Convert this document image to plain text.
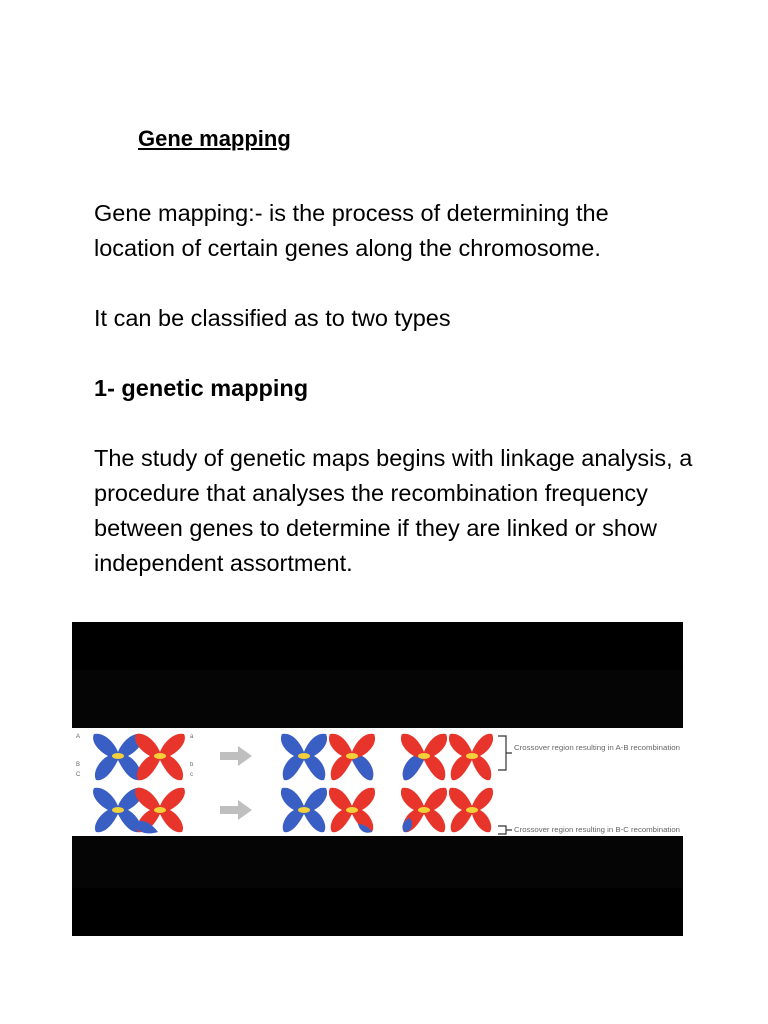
Gene mapping

Gene mapping:- is the process of determining the location of certain genes along the chromosome.

It can be classified as to two types

1- genetic mapping

The study of genetic maps begins with linkage analysis, a procedure that analyses the recombination frequency between genes to determine if they are linked or show independent assortment.

A
B
C
a
b
c
Crossover region resulting in A-B recombination
Crossover region resulting in B-C recombination
